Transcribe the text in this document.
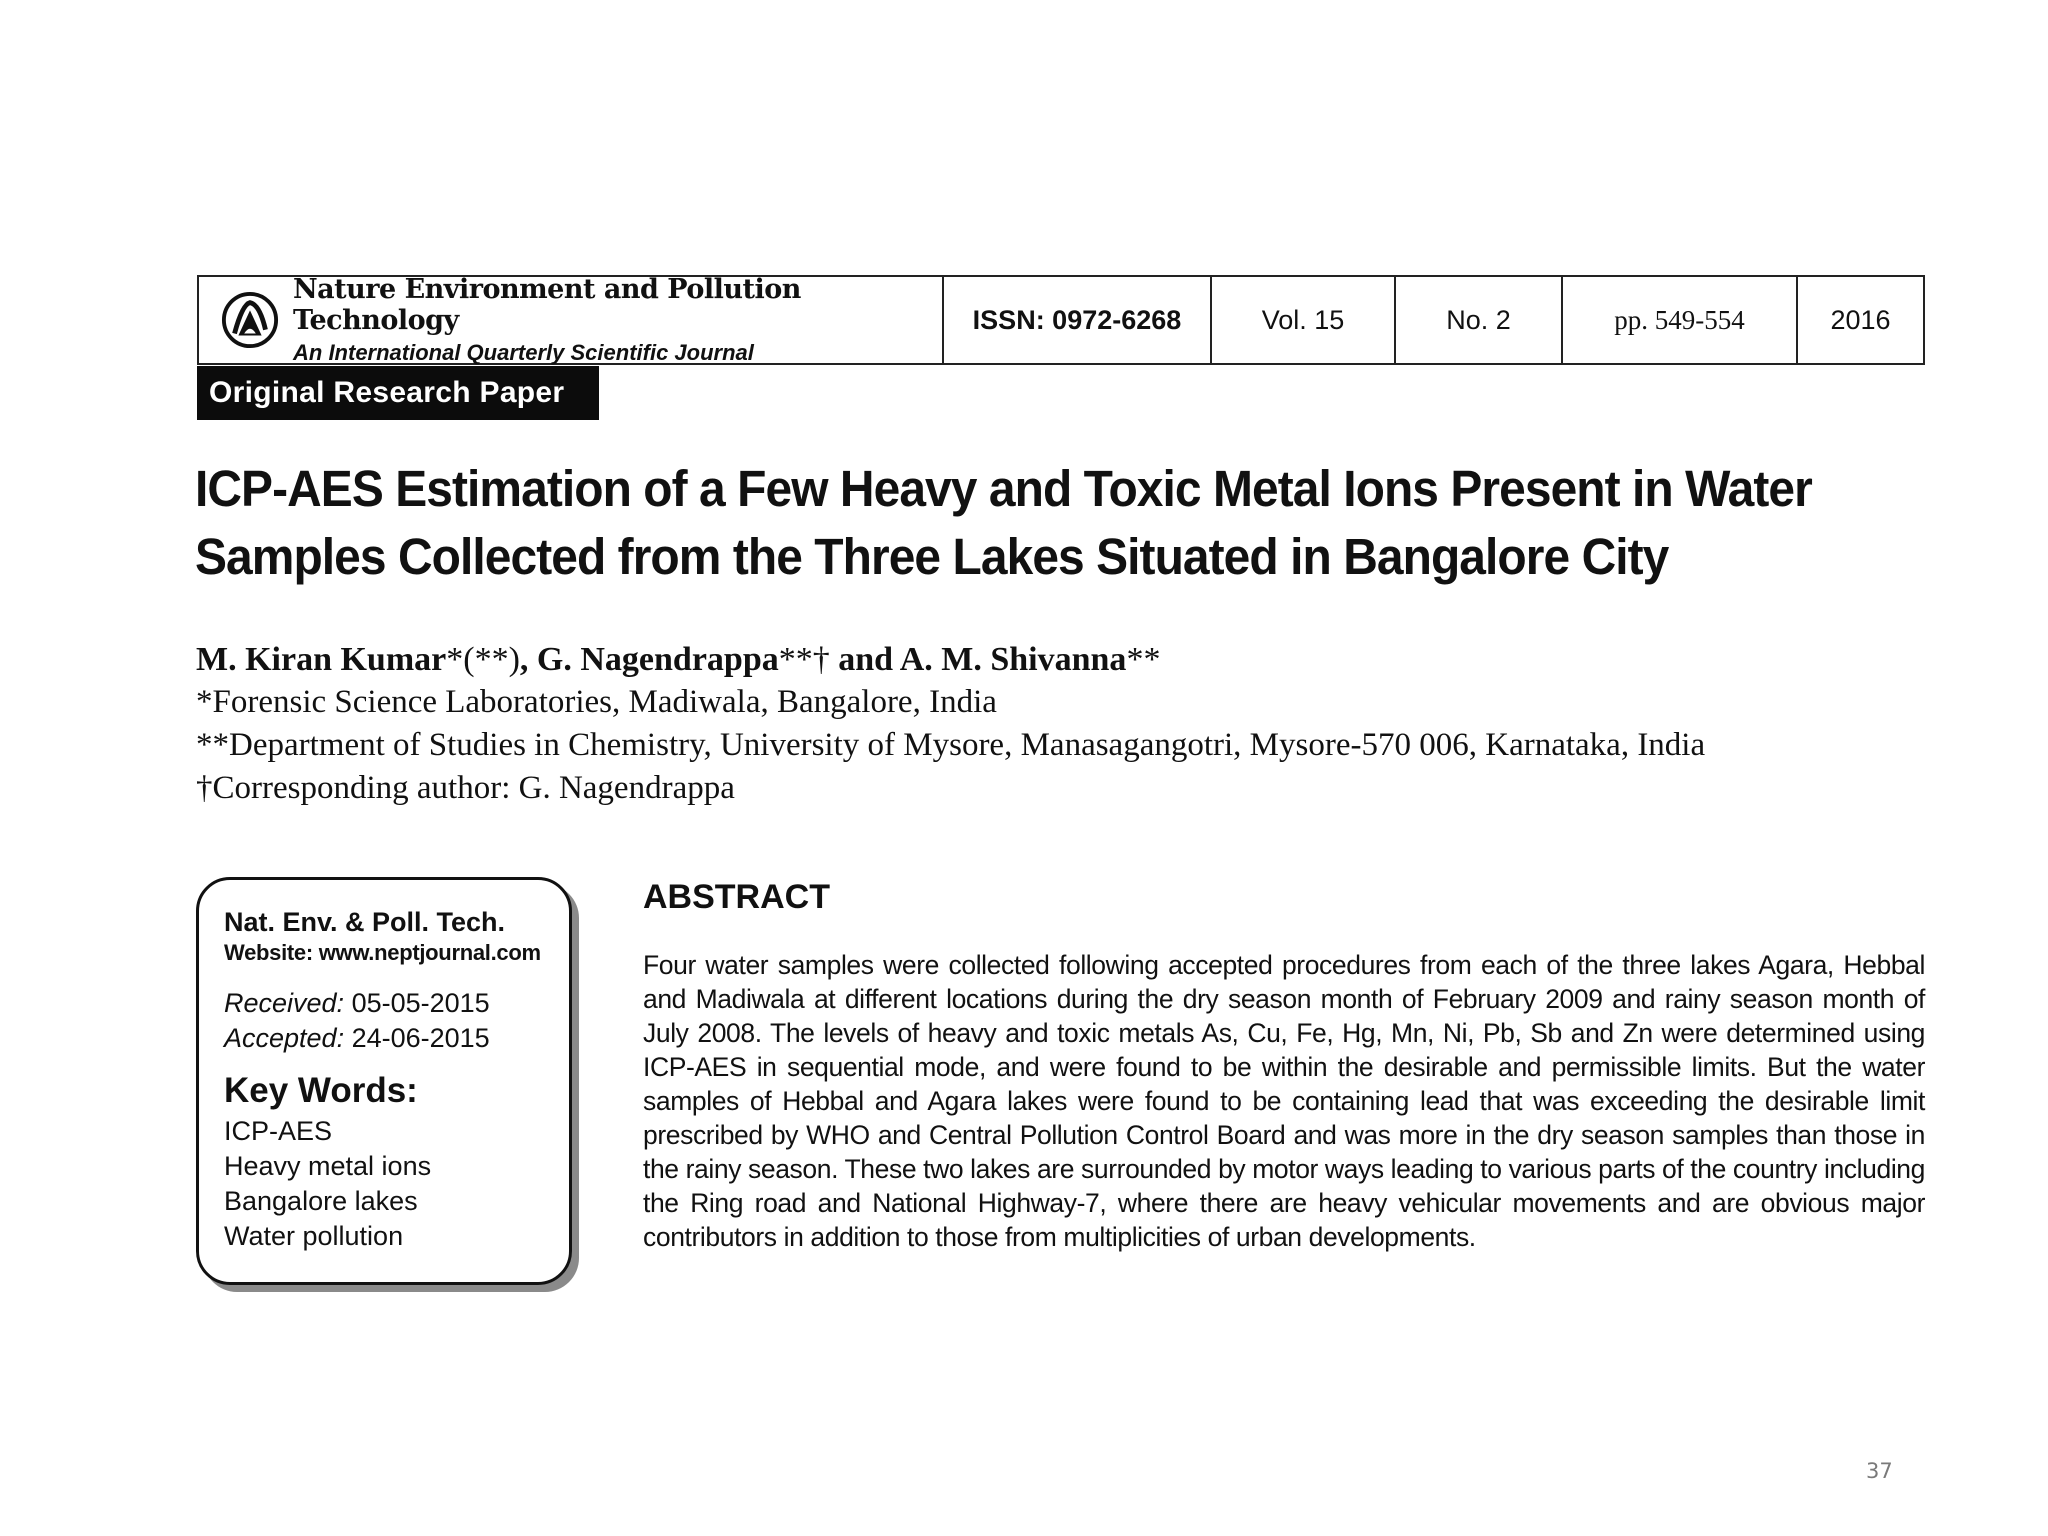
Nature Environment and Pollution Technology
An International Quarterly Scientific Journal
ISSN: 0972-6268	Vol. 15	No. 2	pp. 549-554	2016
Original Research Paper
ICP-AES Estimation of a Few Heavy and Toxic Metal Ions Present in Water
Samples Collected from the Three Lakes Situated in Bangalore City
M. Kiran Kumar*(**), G. Nagendrappa**† and A. M. Shivanna**
*Forensic Science Laboratories, Madiwala, Bangalore, India
**Department of Studies in Chemistry, University of Mysore, Manasagangotri, Mysore-570 006, Karnataka, India
†Corresponding author: G. Nagendrappa
Nat. Env. & Poll. Tech.
Website: www.neptjournal.com
Received: 05-05-2015
Accepted: 24-06-2015
Key Words:
ICP-AES
Heavy metal ions
Bangalore lakes
Water pollution
ABSTRACT
Four water samples were collected following accepted procedures from each of the three lakes Agara, Hebbal and Madiwala at different locations during the dry season month of February 2009 and rainy season month of July 2008. The levels of heavy and toxic metals As, Cu, Fe, Hg, Mn, Ni, Pb, Sb and Zn were determined using ICP-AES in sequential mode, and were found to be within the desirable and permissible limits. But the water samples of Hebbal and Agara lakes were found to be containing lead that was exceeding the desirable limit prescribed by WHO and Central Pollution Control Board and was more in the dry season samples than those in the rainy season. These two lakes are surrounded by motor ways leading to various parts of the country including the Ring road and National Highway-7, where there are heavy vehicular movements and are obvious major contributors in addition to those from multiplicities of urban developments.
37
